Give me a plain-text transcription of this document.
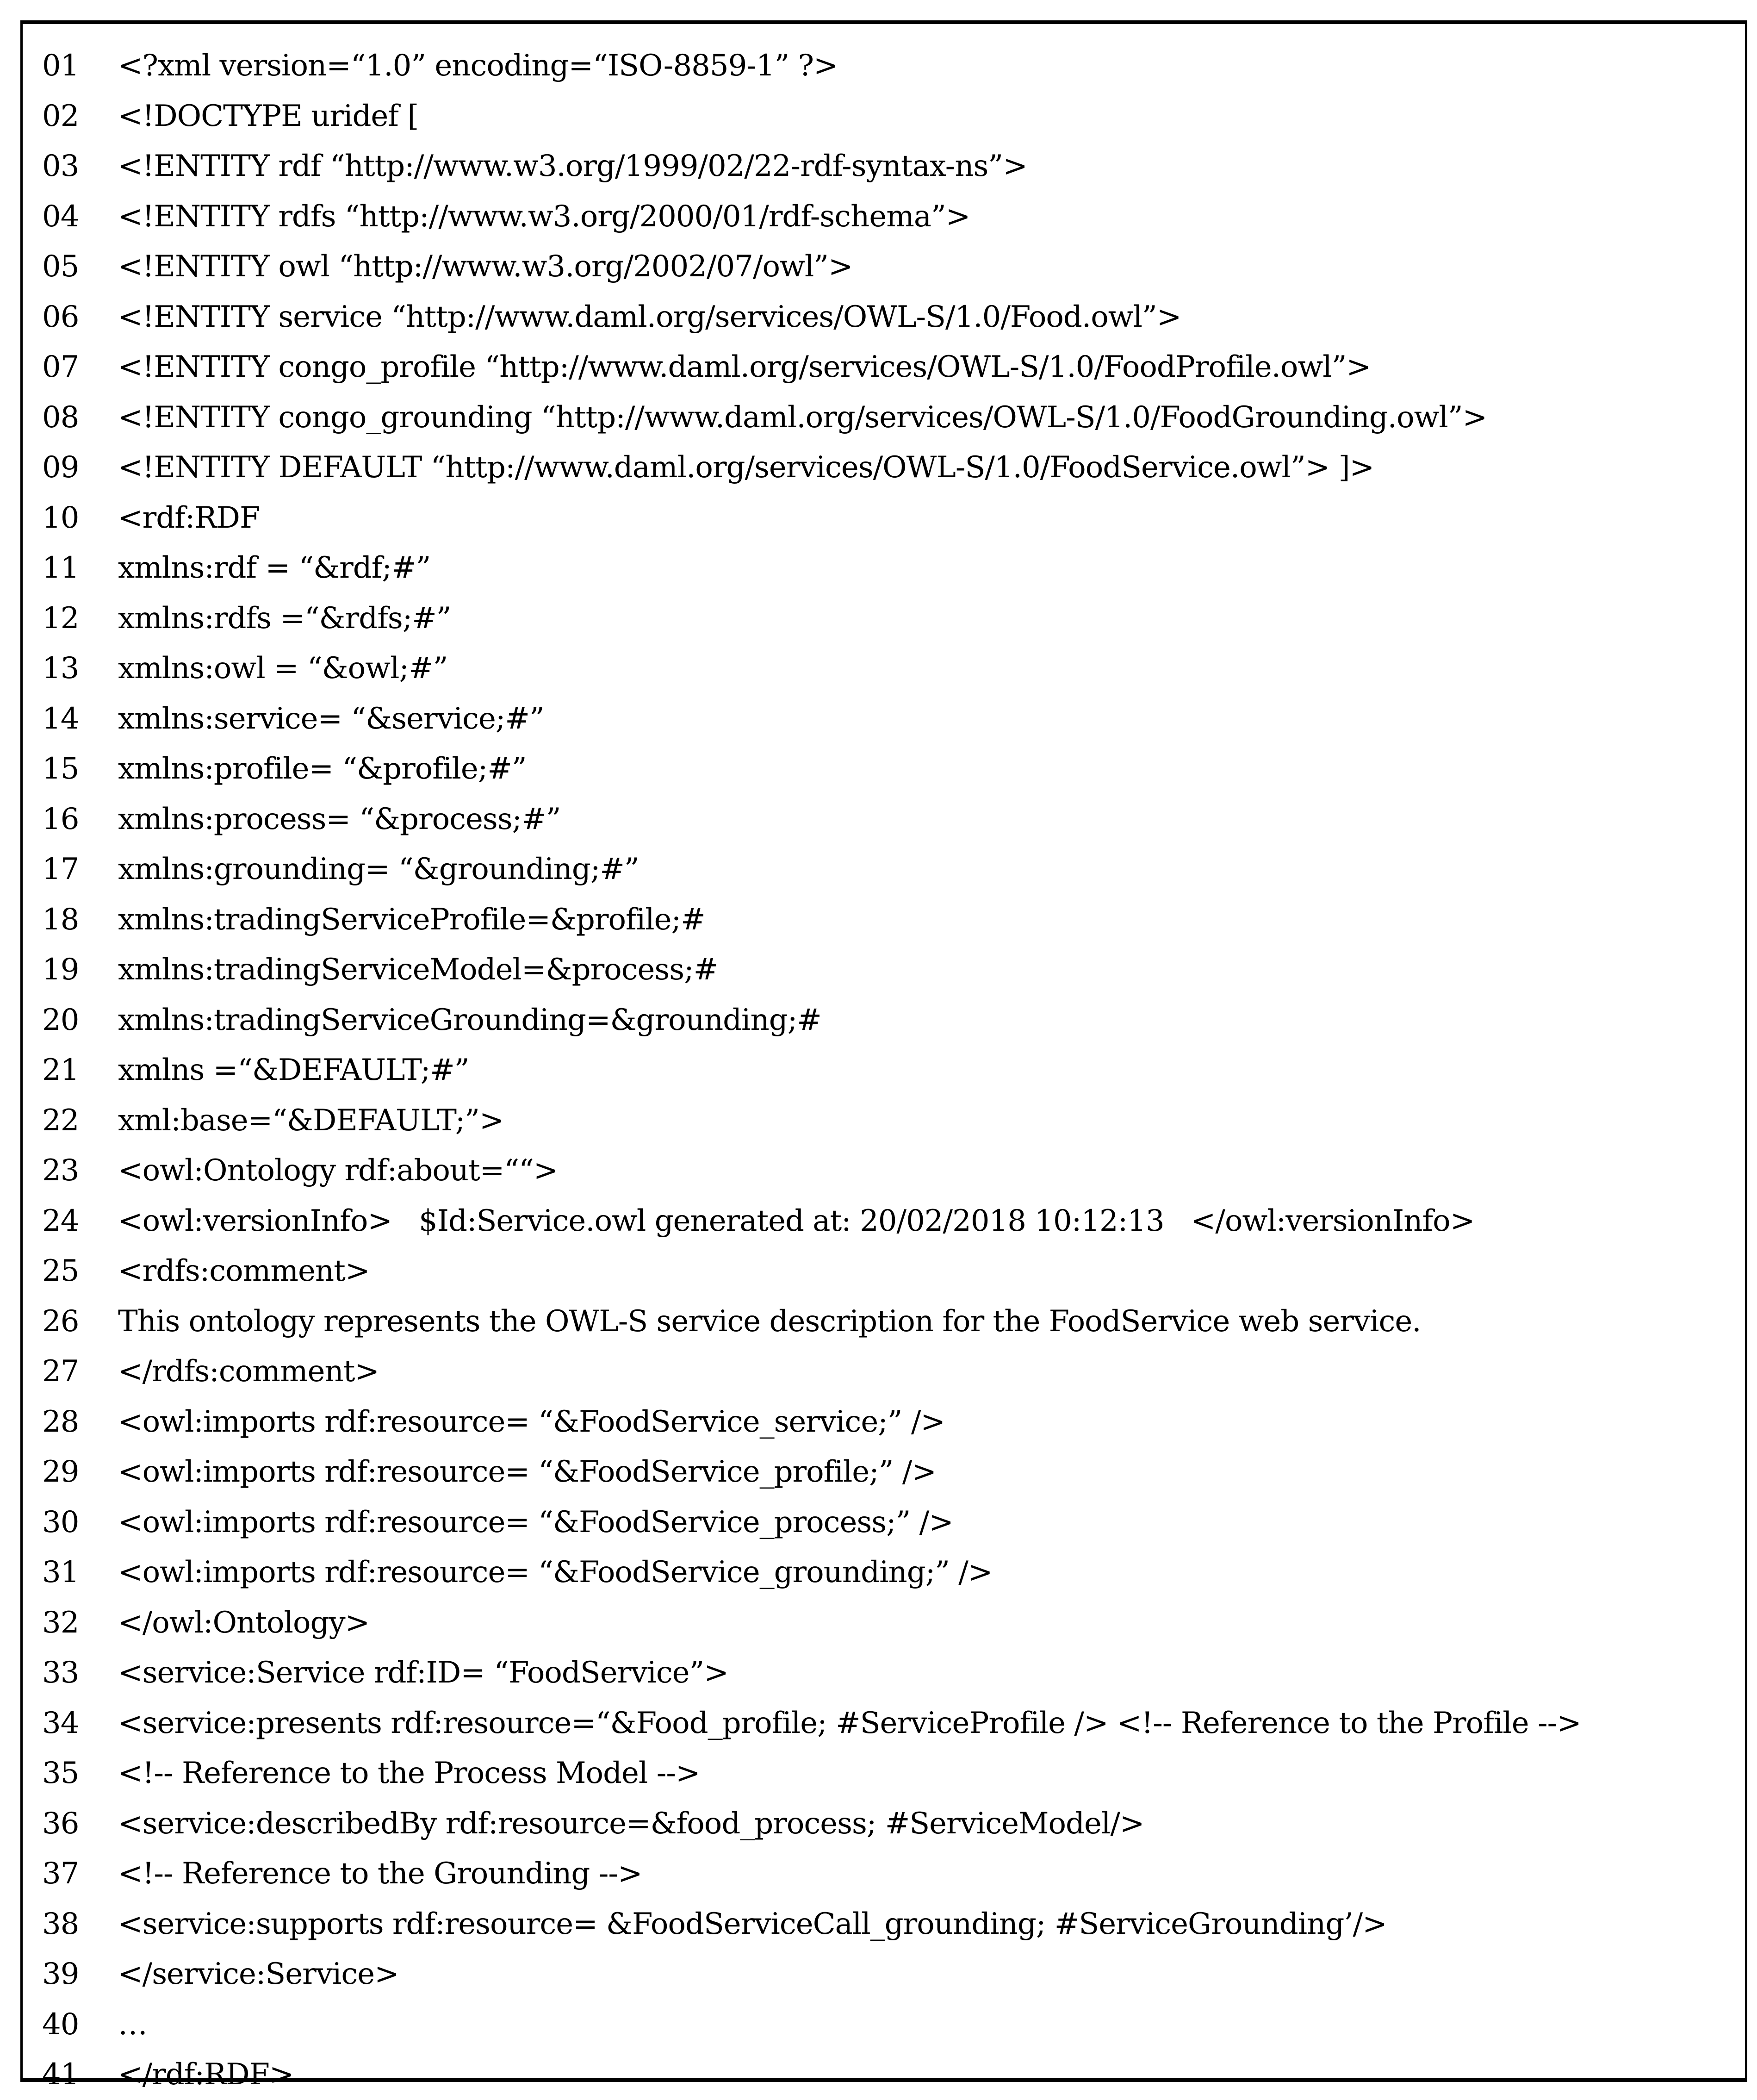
01	<?xml version=“1.0” encoding=“ISO-8859-1” ?>
02	<!DOCTYPE uridef [
03	<!ENTITY rdf “http://www.w3.org/1999/02/22-rdf-syntax-ns”>
04	<!ENTITY rdfs “http://www.w3.org/2000/01/rdf-schema”>
05	<!ENTITY owl “http://www.w3.org/2002/07/owl”>
06	<!ENTITY service “http://www.daml.org/services/OWL-S/1.0/Food.owl”>
07	<!ENTITY congo_profile “http://www.daml.org/services/OWL-S/1.0/FoodProfile.owl”>
08	<!ENTITY congo_grounding “http://www.daml.org/services/OWL-S/1.0/FoodGrounding.owl”>
09	<!ENTITY DEFAULT “http://www.daml.org/services/OWL-S/1.0/FoodService.owl”> ]>
10	<rdf:RDF
11	xmlns:rdf = “&rdf;#”
12	xmlns:rdfs =“&rdfs;#”
13	xmlns:owl = “&owl;#”
14	xmlns:service= “&service;#”
15	xmlns:profile= “&profile;#”
16	xmlns:process= “&process;#”
17	xmlns:grounding= “&grounding;#”
18	xmlns:tradingServiceProfile=&profile;#
19	xmlns:tradingServiceModel=&process;#
20	xmlns:tradingServiceGrounding=&grounding;#
21	xmlns =“&DEFAULT;#”
22	xml:base=“&DEFAULT;”>
23	<owl:Ontology rdf:about=““>
24	<owl:versionInfo>   $Id:Service.owl generated at: 20/02/2018 10:12:13   </owl:versionInfo>
25	<rdfs:comment>
26	This ontology represents the OWL-S service description for the FoodService web service.
27	</rdfs:comment>
28	<owl:imports rdf:resource= “&FoodService_service;” />
29	<owl:imports rdf:resource= “&FoodService_profile;” />
30	<owl:imports rdf:resource= “&FoodService_process;” />
31	<owl:imports rdf:resource= “&FoodService_grounding;” />
32	</owl:Ontology>
33	<service:Service rdf:ID= “FoodService”>
34	<service:presents rdf:resource=“&Food_profile; #ServiceProfile /> <!-- Reference to the Profile -->
35	<!-- Reference to the Process Model -->
36	<service:describedBy rdf:resource=&food_process; #ServiceModel/>
37	<!-- Reference to the Grounding -->
38	<service:supports rdf:resource= &FoodServiceCall_grounding; #ServiceGrounding’/>
39	</service:Service>
40	…
41	</rdf:RDF>
